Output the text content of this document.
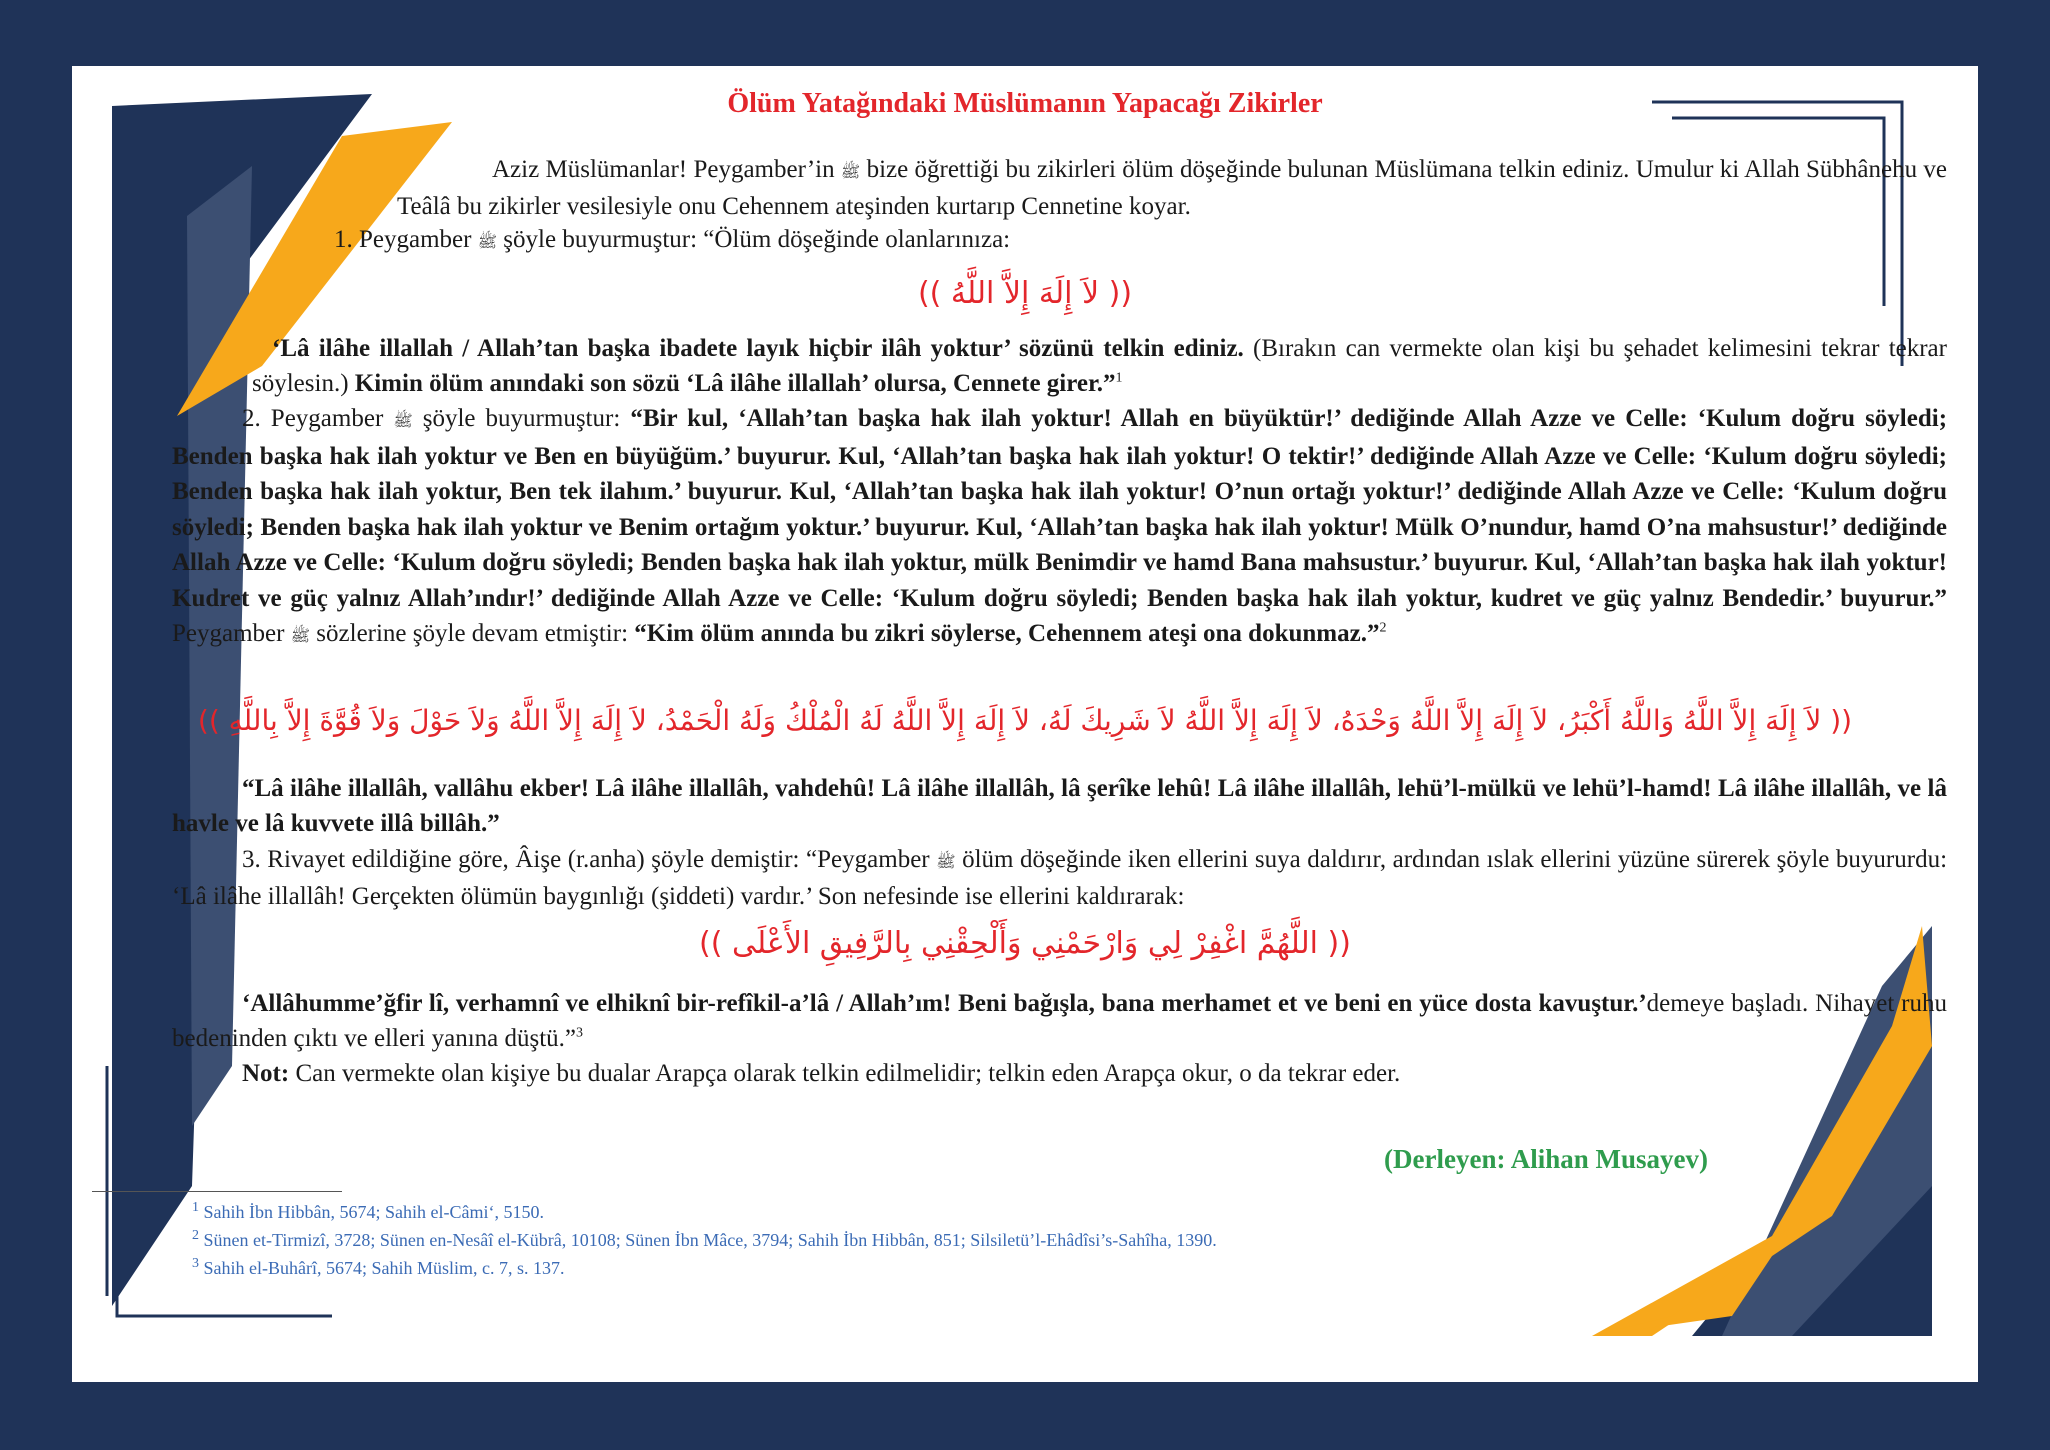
Ölüm Yatağındaki Müslümanın Yapacağı Zikirler

Aziz Müslümanlar! Peygamber’in ﷺ bize öğrettiği bu zikirleri ölüm döşeğinde bulunan Müslümana telkin ediniz. Umulur ki Allah Sübhânehu ve Teâlâ bu zikirler vesilesiyle onu Cehennem ateşinden kurtarıp Cennetine koyar.

1. Peygamber ﷺ şöyle buyurmuştur: “Ölüm döşeğinde olanlarınıza:

(( لاَ إِلَهَ إِلاَّ اللَّهُ ))

‘Lâ ilâhe illallah / Allah’tan başka ibadete layık hiçbir ilâh yoktur’ sözünü telkin ediniz. (Bırakın can vermekte olan kişi bu şehadet kelimesini tekrar tekrar söylesin.) Kimin ölüm anındaki son sözü ‘Lâ ilâhe illallah’ olursa, Cennete girer.”$^1$

2. Peygamber ﷺ şöyle buyurmuştur: “Bir kul, ‘Allah’tan başka hak ilah yoktur! Allah en büyüktür!’ dediğinde Allah Azze ve Celle: ‘Kulum doğru söyledi; Benden başka hak ilah yoktur ve Ben en büyüğüm.’ buyurur. Kul, ‘Allah’tan başka hak ilah yoktur! O tektir!’ dediğinde Allah Azze ve Celle: ‘Kulum doğru söyledi; Benden başka hak ilah yoktur, Ben tek ilahım.’ buyurur. Kul, ‘Allah’tan başka hak ilah yoktur! O’nun ortağı yoktur!’ dediğinde Allah Azze ve Celle: ‘Kulum doğru söyledi; Benden başka hak ilah yoktur ve Benim ortağım yoktur.’ buyurur. Kul, ‘Allah’tan başka hak ilah yoktur! Mülk O’nundur, hamd O’na mahsustur!’ dediğinde Allah Azze ve Celle: ‘Kulum doğru söyledi; Benden başka hak ilah yoktur, mülk Benimdir ve hamd Bana mahsustur.’ buyurur. Kul, ‘Allah’tan başka hak ilah yoktur! Kudret ve güç yalnız Allah’ındır!’ dediğinde Allah Azze ve Celle: ‘Kulum doğru söyledi; Benden başka hak ilah yoktur, kudret ve güç yalnız Bendedir.’ buyurur.” Peygamber ﷺ sözlerine şöyle devam etmiştir: “Kim ölüm anında bu zikri söylerse, Cehennem ateşi ona dokunmaz.”$^2$

(( لاَ إِلَهَ إِلاَّ اللَّهُ وَاللَّهُ أَكْبَرُ، لاَ إِلَهَ إِلاَّ اللَّهُ وَحْدَهُ، لاَ إِلَهَ إِلاَّ اللَّهُ لاَ شَرِيكَ لَهُ، لاَ إِلَهَ إِلاَّ اللَّهُ لَهُ الْمُلْكُ وَلَهُ الْحَمْدُ، لاَ إِلَهَ إِلاَّ اللَّهُ وَلاَ حَوْلَ وَلاَ قُوَّةَ إِلاَّ بِاللَّهِ ))

“Lâ ilâhe illallâh, vallâhu ekber! Lâ ilâhe illallâh, vahdehû! Lâ ilâhe illallâh, lâ şerîke lehû! Lâ ilâhe illallâh, lehü’l-mülkü ve lehü’l-hamd! Lâ ilâhe illallâh, ve lâ havle ve lâ kuvvete illâ billâh.”

3. Rivayet edildiğine göre, Âişe (r.anha) şöyle demiştir: “Peygamber ﷺ ölüm döşeğinde iken ellerini suya daldırır, ardından ıslak ellerini yüzüne sürerek şöyle buyururdu: ‘Lâ ilâhe illallâh! Gerçekten ölümün baygınlığı (şiddeti) vardır.’ Son nefesinde ise ellerini kaldırarak:

(( اللَّهُمَّ اغْفِرْ لِي وَارْحَمْنِي وَأَلْحِقْنِي بِالرَّفِيقِ الأَعْلَى ))

‘Allâhumme’ğfir lî, verhamnî ve elhiknî bir-refîkil-a’lâ / Allah’ım! Beni bağışla, bana merhamet et ve beni en yüce dosta kavuştur.’demeye başladı. Nihayet ruhu bedeninden çıktı ve elleri yanına düştü.”$^3$

Not: Can vermekte olan kişiye bu dualar Arapça olarak telkin edilmelidir; telkin eden Arapça okur, o da tekrar eder.

(Derleyen: Alihan Musayev)
$^1$ Sahih İbn Hibbân, 5674; Sahih el-Câmi‘, 5150.
$^2$ Sünen et-Tirmizî, 3728; Sünen en-Nesâî el-Kübrâ, 10108; Sünen İbn Mâce, 3794; Sahih İbn Hibbân, 851; Silsiletü’l-Ehâdîsi’s-Sahîha, 1390.
$^3$ Sahih el-Buhârî, 5674; Sahih Müslim, c. 7, s. 137.
